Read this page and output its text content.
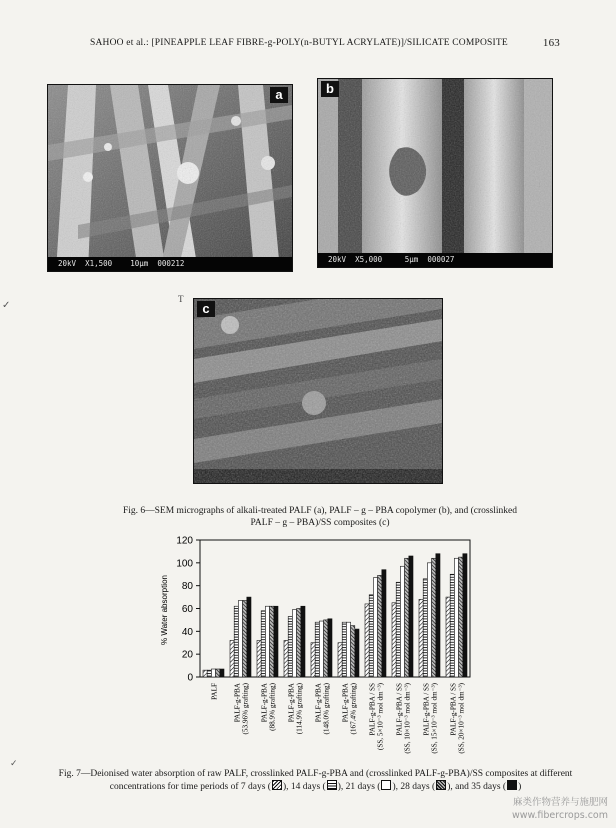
SAHOO et al.: [PINEAPPLE LEAF FIBRE-g-POLY(n-BUTYL ACRYLATE)]/SILICATE COMPOSITE	163
a
20kV  X1,500    10µm  000212
b
20kV  X5,000     5µm  000027
c
Fig. 6—SEM micrographs of alkali-treated PALF (a), PALF – g – PBA copolymer (b), and (crosslinked
PALF – g – PBA)/SS composites (c)
0
20
40
60
80
100
120
PALF PALF-g-PBA (53.96% grafting) PALF-g-PBA (88.9% grafting) PALF-g-PBA (114.9% grafting) PALF-g-PBA (148.0% grafting) PALF-g-PBA (167.4% grafting) PALF-g-PBA / SS (SS, 5×10⁻³ mol dm⁻³) PALF-g-PBA / SS (SS, 10×10⁻³ mol dm⁻³) PALF-g-PBA / SS (SS, 15×10⁻³ mol dm⁻³) PALF-g-PBA / SS (SS, 20×10⁻³ mol dm⁻³)
% Water absorption
Fig. 7—Deionised water absorption of raw PALF, crosslinked PALF-g-PBA and (crosslinked PALF-g-PBA)/SS composites at different
concentrations for time periods of 7 days ( ), 14 days ( ), 21 days ( ), 28 days ( ), and 35 days ( )
✓
T
✓
麻类作物营养与施肥网
www.fibercrops.com
